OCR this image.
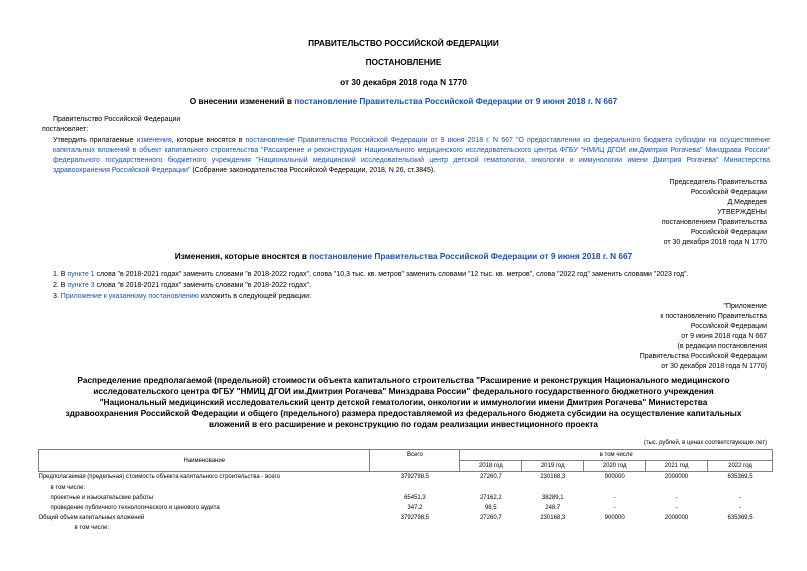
ПРАВИТЕЛЬСТВО РОССИЙСКОЙ ФЕДЕРАЦИИ
ПОСТАНОВЛЕНИЕ
от 30 декабря 2018 года N 1770
О внесении изменений в постановление Правительства Российской Федерации от 9 июня 2018 г. N 667
Правительство Российской Федерации
постановляет:
Утвердить прилагаемые изменения, которые вносятся в постановление Правительства Российской Федерации от 9 июня 2018 г. N 667 "О предоставлении из федерального бюджета субсидии на осуществление капитальных вложений в объект капитального строительства "Расширение и реконструкция Национального медицинского исследовательского центра ФГБУ "НМИЦ ДГОИ им.Дмитрия Рогачева" Минздрава России" федерального государственного бюджетного учреждения "Национальный медицинский исследовательский центр детской гематологии, онкологии и иммунологии имени Дмитрия Рогачева" Министерства здравоохранения Российской Федерации" (Собрание законодательства Российской Федерации, 2018, N 26, ст.3845).
Председатель Правительства
Российской Федерации
Д.Медведев
УТВЕРЖДЕНЫ
постановлением Правительства
Российской Федерации
от 30 декабря 2018 года N 1770
Изменения, которые вносятся в постановление Правительства Российской Федерации от 9 июня 2018 г. N 667
1. В пункте 1 слова "в 2018-2021 годах" заменить словами "в 2018-2022 годах", слова "10,3 тыс. кв. метров" заменить словами "12 тыс. кв. метров", слова "2022 год" заменить словами "2023 год".
2. В пункте 3 слова "в 2018-2021 годах" заменить словами "в 2018-2022 годах".
3. Приложение к указанному постановлению изложить в следующей редакции:
"Приложение
к постановлению Правительства
Российской Федерации
от 9 июня 2018 года N 667
(в редакции постановления
Правительства Российской Федерации
от 30 декабря 2018 года N 1770)
Распределение предполагаемой (предельной) стоимости объекта капитального строительства "Расширение и реконструкция Национального медицинского
исследовательского центра ФГБУ "НМИЦ ДГОИ им.Дмитрия Рогачева" Минздрава России" федерального государственного бюджетного учреждения
"Национальный медицинский исследовательский центр детской гематологии, онкологии и иммунологии имени Дмитрия Рогачева" Министерства
здравоохранения Российской Федерации и общего (предельного) размера предоставляемой из федерального бюджета субсидии на осуществление капитальных
вложений в его расширение и реконструкцию по годам реализации инвестиционного проекта
(тыс. рублей, в ценах соответствующих лет)
Наименование	Всего	в том числе				
		2018 год	2019 год	2020 год	2021 год	2022 год
Предполагаемая (предельная) стоимость объекта капитального строительства - всего	3792798,5	27260,7	230168,3	900000	2000000	635369,5
в том числе:						
проектные и изыскательские работы	65451,3	27162,2	38289,1	-	-	-
проведение публичного технологического и ценового аудита	347,2	98,5	248,7	-	-	-
Общий объем капитальных вложений	3792798,5	27260,7	230168,3	900000	2000000	635369,5
в том числе:						
